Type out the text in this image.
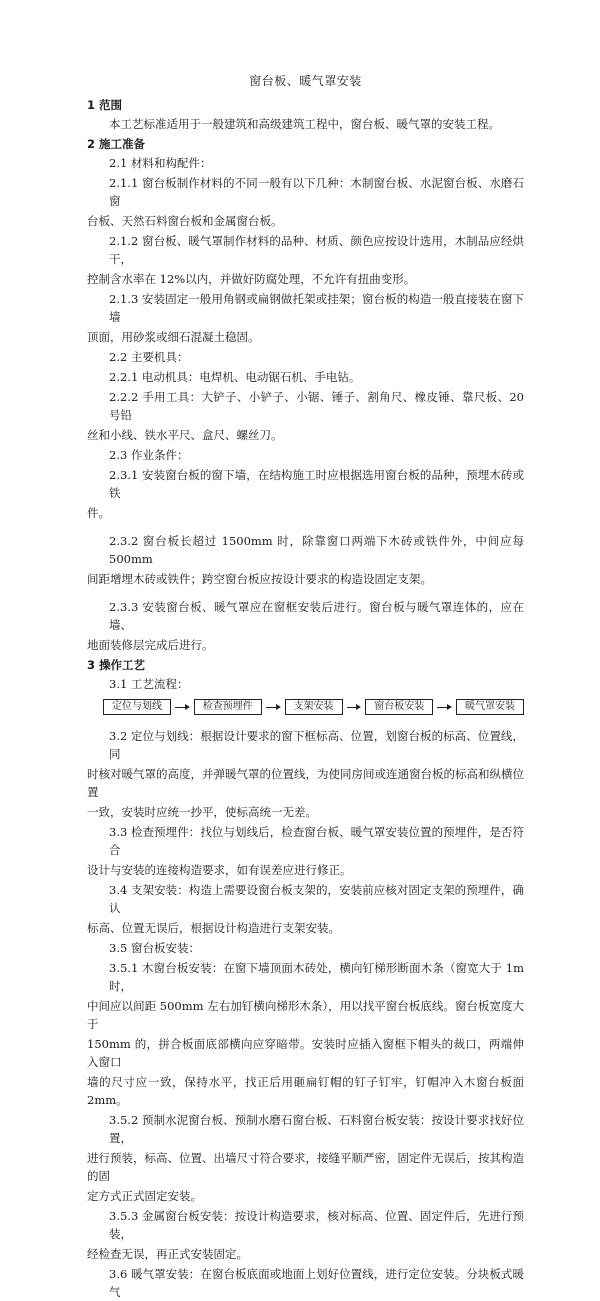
窗台板、暖气罩安装
1 范围
本工艺标准适用于一般建筑和高级建筑工程中，窗台板、暖气罩的安装工程。
2 施工准备
2.1 材料和构配件：
2.1.1 窗台板制作材料的不同一般有以下几种：木制窗台板、水泥窗台板、水磨石窗
台板、天然石料窗台板和金属窗台板。
2.1.2 窗台板、暖气罩制作材料的品种、材质、颜色应按设计选用，木制品应经烘干，
控制含水率在 12%以内，并做好防腐处理，不允许有扭曲变形。
2.1.3 安装固定一般用角钢或扁钢做托架或挂架；窗台板的构造一般直接装在窗下墙
顶面，用砂浆或细石混凝土稳固。
2.2 主要机具：
2.2.1 电动机具：电焊机、电动锯石机、手电钻。
2.2.2 手用工具：大铲子、小铲子、小锯、锤子、割角尺、橡皮锤、靠尺板、20 号铅
丝和小线、铁水平尺、盒尺、螺丝刀。
2.3 作业条件：
2.3.1 安装窗台板的窗下墙，在结构施工时应根据选用窗台板的品种，预埋木砖或铁
件。
2.3.2 窗台板长超过 1500mm 时，除靠窗口两端下木砖或铁件外，中间应每 500mm
间距增埋木砖或铁件；跨空窗台板应按设计要求的构造设固定支架。
2.3.3 安装窗台板、暖气罩应在窗框安装后进行。窗台板与暖气罩连体的，应在墙、
地面装修层完成后进行。
3 操作工艺
3.1 工艺流程：
定位与划线	检查预埋件	支架安装	窗台板安装	暖气罩安装
3.2 定位与划线：根据设计要求的窗下框标高、位置，划窗台板的标高、位置线，同
时核对暖气罩的高度，并弹暖气罩的位置线，为使同房间或连通窗台板的标高和纵横位置
一致，安装时应统一抄平，使标高统一无差。
3.3 检查预埋件：找位与划线后，检查窗台板、暖气罩安装位置的预埋件，是否符合
设计与安装的连接构造要求，如有误差应进行修正。
3.4 支架安装：构造上需要设窗台板支架的，安装前应核对固定支架的预埋件，确认
标高、位置无误后，根据设计构造进行支架安装。
3.5 窗台板安装：
3.5.1 木窗台板安装：在窗下墙顶面木砖处，横向钉梯形断面木条（窗宽大于 1m 时，
中间应以间距 500mm 左右加钉横向梯形木条），用以找平窗台板底线。窗台板宽度大于
150mm 的，拼合板面底部横向应穿暗带。安装时应插入窗框下帽头的裁口，两端伸入窗口
墙的尺寸应一致，保持水平，找正后用砸扁钉帽的钉子钉牢，钉帽冲入木窗台板面 2mm。
3.5.2 预制水泥窗台板、预制水磨石窗台板、石料窗台板安装：按设计要求找好位置，
进行预装，标高、位置、出墙尺寸符合要求，接缝平顺严密，固定件无误后，按其构造的固
定方式正式固定安装。
3.5.3 金属窗台板安装：按设计构造要求，核对标高、位置、固定件后，先进行预装，
经检查无误，再正式安装固定。
3.6 暖气罩安装：在窗台板底面或地面上划好位置线，进行定位安装。分块板式暖气
